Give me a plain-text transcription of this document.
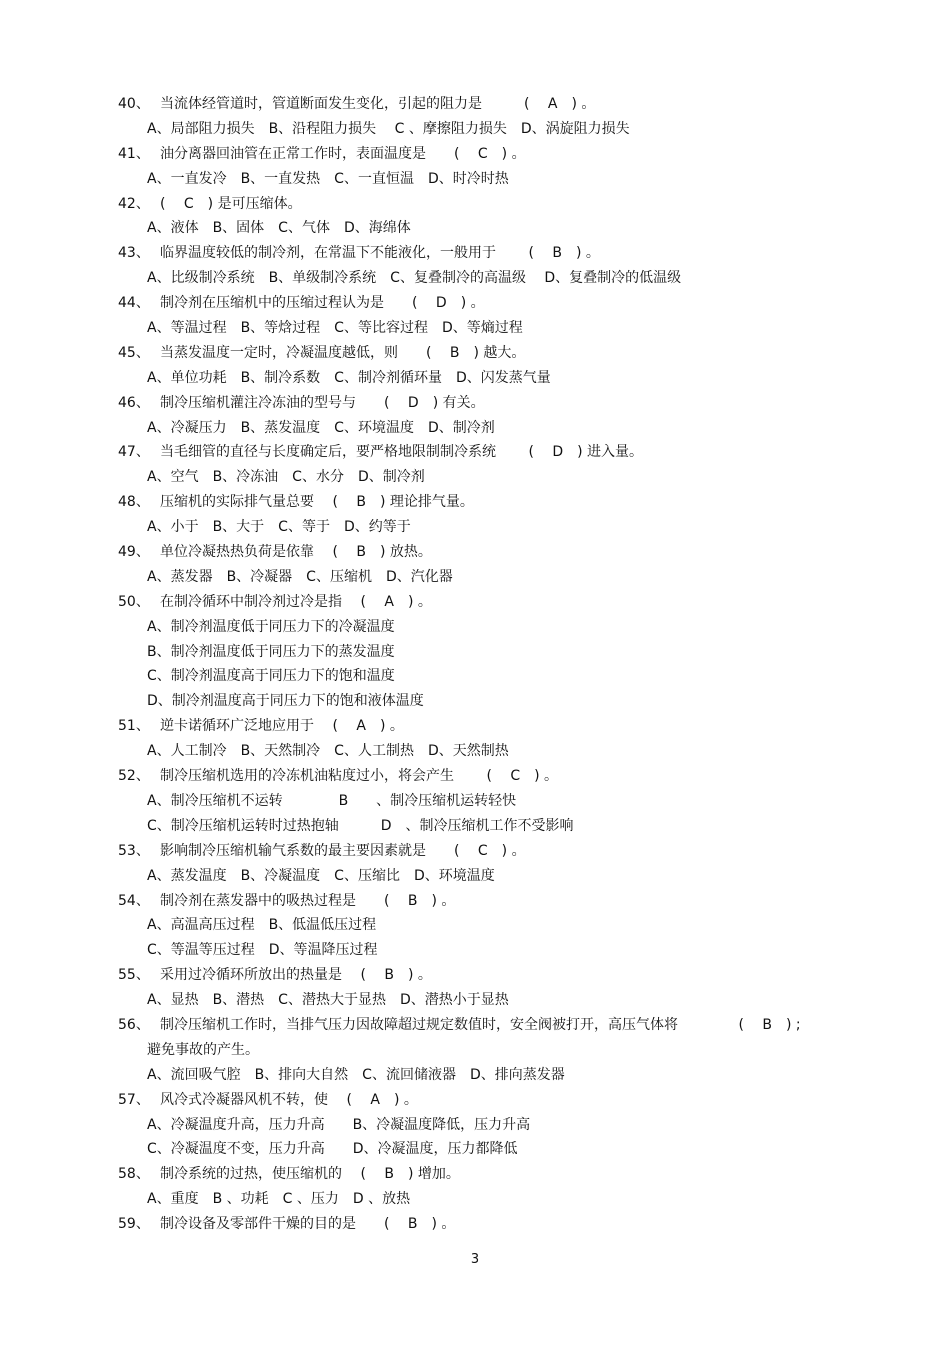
40、 当流体经管道时，管道断面发生变化，引起的阻力是　　　(　 A　) 。
A、局部阻力损失　B、沿程阻力损失　 C 、摩擦阻力损失　D、涡旋阻力损失
41、 油分离器回油管在正常工作时，表面温度是　　(　 C　) 。
A、一直发冷　B、一直发热　C、一直恒温　D、时冷时热
42、 (　 C　) 是可压缩体。
A、液体　B、固体　C、气体　D、海绵体
43、 临界温度较低的制冷剂，在常温下不能液化，一般用于　　 (　 B　) 。
A、比级制冷系统　B、单级制冷系统　C、复叠制冷的高温级　 D、复叠制冷的低温级
44、 制冷剂在压缩机中的压缩过程认为是　　(　 D　) 。
A、等温过程　B、等焓过程　C、等比容过程　D、等熵过程
45、 当蒸发温度一定时，冷凝温度越低，则　　(　 B　) 越大。
A、单位功耗　B、制冷系数　C、制冷剂循环量　D、闪发蒸气量
46、 制冷压缩机灌注冷冻油的型号与　　(　 D　) 有关。
A、冷凝压力　B、蒸发温度　C、环境温度　D、制冷剂
47、 当毛细管的直径与长度确定后，要严格地限制制冷系统　　 (　 D　) 进入量。
A、空气　B、冷冻油　C、水分　D、制冷剂
48、 压缩机的实际排气量总要　 (　 B　) 理论排气量。
A、小于　B、大于　C、等于　D、约等于
49、 单位冷凝热热负荷是依靠　 (　 B　) 放热。
A、蒸发器　B、冷凝器　C、压缩机　D、汽化器
50、 在制冷循环中制冷剂过冷是指　 (　 A　) 。
A、制冷剂温度低于同压力下的冷凝温度
B、制冷剂温度低于同压力下的蒸发温度
C、制冷剂温度高于同压力下的饱和温度
D、制冷剂温度高于同压力下的饱和液体温度
51、 逆卡诺循环广泛地应用于　 (　 A　) 。
A、人工制冷　B、天然制冷　C、人工制热　D、天然制热
52、 制冷压缩机选用的冷冻机油粘度过小，将会产生　　 (　 C　) 。
A、制冷压缩机不运转　　　　B　　、制冷压缩机运转轻快
C、制冷压缩机运转时过热抱轴　　　D　、制冷压缩机工作不受影响
53、 影响制冷压缩机输气系数的最主要因素就是　　(　 C　) 。
A、蒸发温度　B、冷凝温度　C、压缩比　D、环境温度
54、 制冷剂在蒸发器中的吸热过程是　　(　 B　) 。
A、高温高压过程　B、低温低压过程
C、等温等压过程　D、等温降压过程
55、 采用过冷循环所放出的热量是　 (　 B　) 。
A、显热　B、潜热　C、潜热大于显热　D、潜热小于显热
56、 制冷压缩机工作时，当排气压力因故障超过规定数值时，安全阀被打开，高压气体将　　　　 (　 B　) ;
避免事故的产生。
A、流回吸气腔　B、排向大自然　C、流回储液器　D、排向蒸发器
57、 风冷式冷凝器风机不转，使　 (　 A　) 。
A、冷凝温度升高，压力升高　　B、冷凝温度降低，压力升高
C、冷凝温度不变，压力升高　　D、冷凝温度，压力都降低
58、 制冷系统的过热，使压缩机的　 (　 B　) 增加。
A、重度　B 、功耗　C 、压力　D 、放热
59、 制冷设备及零部件干燥的目的是　　(　 B　) 。
3
